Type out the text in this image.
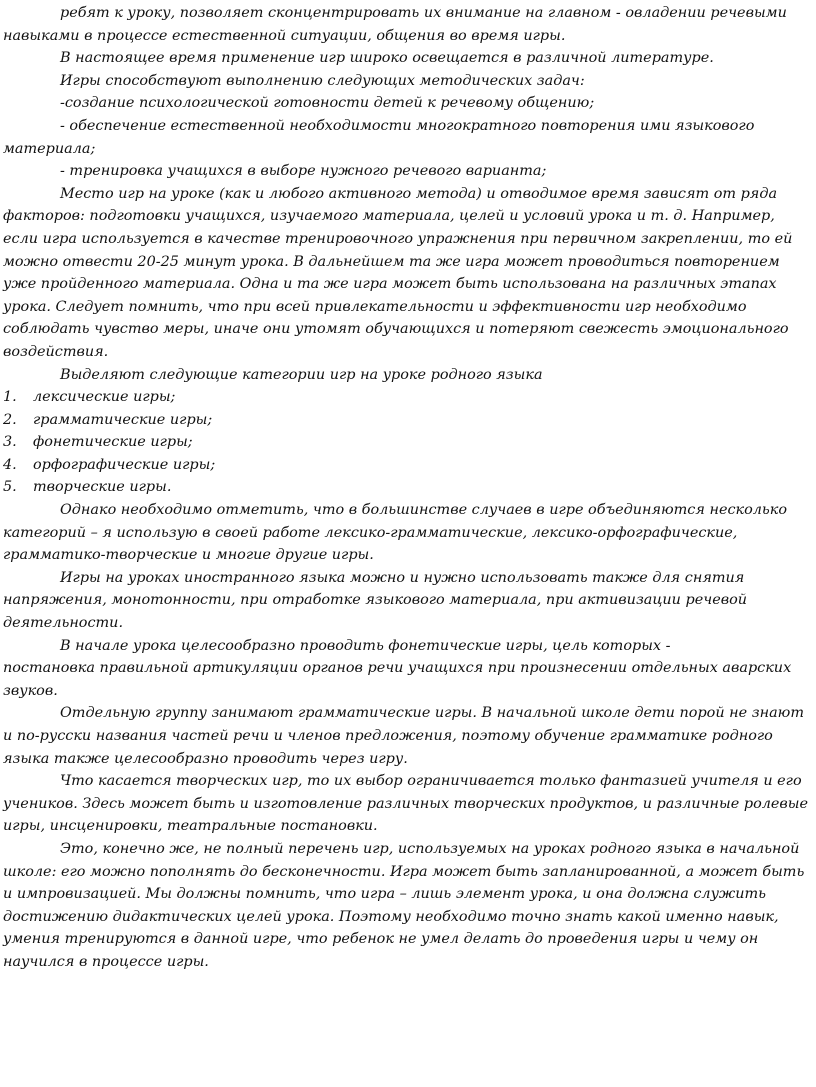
ребят к уроку, позволяет сконцентрировать их внимание на главном - овладении речевыми навыками в процессе естественной ситуации, общения во время игры.

В настоящее время применение игр широко освещается в различной литературе.

Игры способствуют выполнению следующих методических задач:

-создание психологической готовности детей к речевому общению;

- обеспечение естественной необходимости многократного повторения ими языкового материала;

- тренировка учащихся в выборе нужного речевого варианта;

Место игр на уроке (как и любого активного метода) и отводимое время зависят от ряда факторов: подготовки учащихся, изучаемого материала, целей и условий урока и т. д. Например, если игра используется в качестве тренировочного упражнения при первичном закреплении, то ей можно отвести 20-25 минут урока. В дальнейшем та же игра может проводиться повторением уже пройденного материала. Одна и та же игра может быть использована на различных этапах урока. Следует помнить, что при всей привлекательности и эффективности игр необходимо соблюдать чувство меры, иначе они утомят обучающихся и потеряют свежесть эмоционального воздействия.

Выделяют следующие категории игр на уроке родного языка

1. лексические игры;

2. грамматические игры;

3. фонетические игры;

4. орфографические игры;

5. творческие игры.

Однако необходимо отметить, что в большинстве случаев в игре объединяются несколько категорий – я использую в своей работе лексико-грамматические, лексико-орфографические, грамматико-творческие и многие другие игры.

Игры на уроках иностранного языка можно и нужно использовать также для снятия напряжения, монотонности, при отработке языкового материала, при активизации речевой деятельности.

В начале урока целесообразно проводить фонетические игры, цель которых -

постановка правильной артикуляции органов речи учащихся при произнесении отдельных аварских звуков.

Отдельную группу занимают грамматические игры. В начальной школе дети порой не знают и по-русски названия частей речи и членов предложения, поэтому обучение грамматике родного языка также целесообразно проводить через игру.

Что касается творческих игр, то их выбор ограничивается только фантазией учителя и его учеников. Здесь может быть и изготовление различных творческих продуктов, и различные ролевые игры, инсценировки, театральные постановки.

Это, конечно же, не полный перечень игр, используемых на уроках родного языка в начальной школе: его можно пополнять до бесконечности. Игра может быть запланированной, а может быть и импровизацией. Мы должны помнить, что игра – лишь элемент урока, и она должна служить достижению дидактических целей урока. Поэтому необходимо точно знать какой именно навык, умения тренируются в данной игре, что ребенок не умел делать до проведения игры и чему он научился в процессе игры.
